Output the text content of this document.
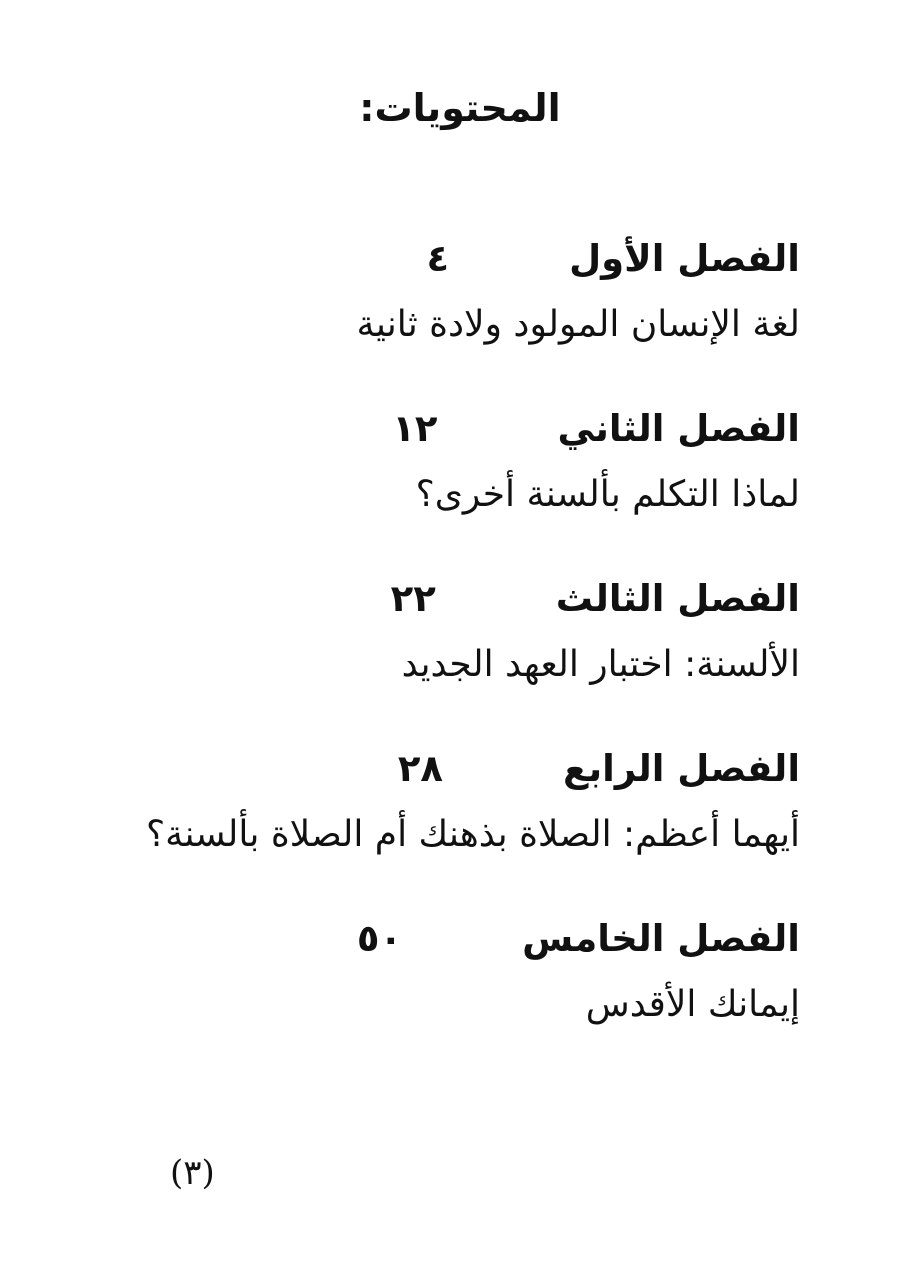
المحتويات:
الفصل الأول
٤
لغة الإنسان المولود ولادة ثانية
الفصل الثاني
١٢
لماذا التكلم بألسنة أخرى؟
الفصل الثالث
٢٢
الألسنة: اختبار العهد الجديد
الفصل الرابع
٢٨
أيهما أعظم: الصلاة بذهنك أم الصلاة بألسنة؟
الفصل الخامس
٥٠
إيمانك الأقدس
(٣)
